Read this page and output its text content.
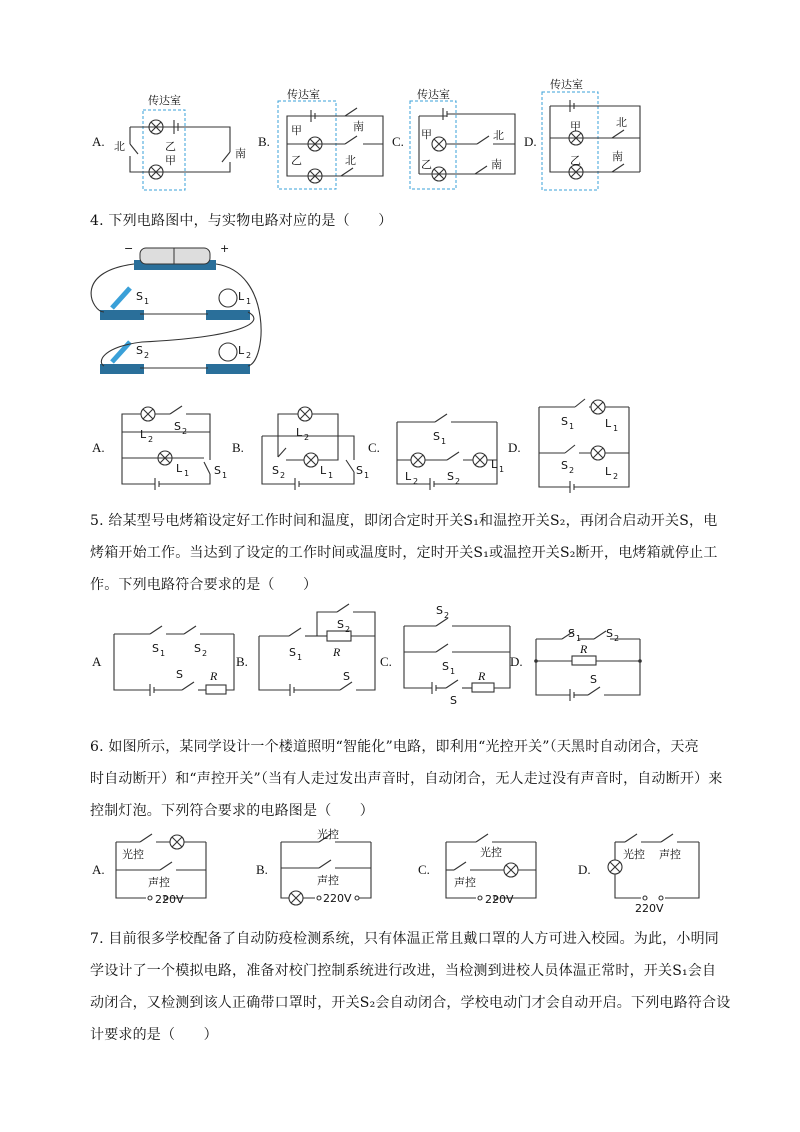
A.
传达室
北
南
乙
甲
B.
传达室
甲
乙
南
北
C.
传达室
甲
乙
北
南
D.
传达室
甲
乙
北
南
4. 下列电路图中，与实物电路对应的是（　　）
−	+
S 1	L 1
S 2	L 2
A.
L 2
S 2
L 1 S 1
B.
L 2
S 2	L 1 S 1
C.
S 1
L 2	S 2
L 1
D.
S 1	L 1
S 2	L 2
5. 给某型号电烤箱设定好工作时间和温度，即闭合定时开关S₁和温控开关S₂，再闭合启动开关S，电
烤箱开始工作。当达到了设定的工作时间或温度时，定时开关S₁或温控开关S₂断开，电烤箱就停止工
作。下列电路符合要求的是（　　）
A
S 1	S 2
S R
B.
S 2
S 1	R
S
C.
S 2
S 1 R
S
D.
S 1 S 2
R
S
6. 如图所示，某同学设计一个楼道照明“智能化”电路，即利用“光控开关”（天黑时自动闭合，天亮
时自动断开）和“声控开关”（当有人走过发出声音时，自动闭合，无人走过没有声音时，自动断开）来
控制灯泡。下列符合要求的电路图是（　　）
A.
光控
声控
B.
光控
声控
220V
C.
光控
声控
D.
光控 声控
220V
220V	220V
7. 目前很多学校配备了自动防疫检测系统，只有体温正常且戴口罩的人方可进入校园。为此，小明同
学设计了一个模拟电路，准备对校门控制系统进行改进，当检测到进校人员体温正常时，开关S₁会自
动闭合，又检测到该人正确带口罩时，开关S₂会自动闭合，学校电动门才会自动开启。下列电路符合设
计要求的是（　　）
